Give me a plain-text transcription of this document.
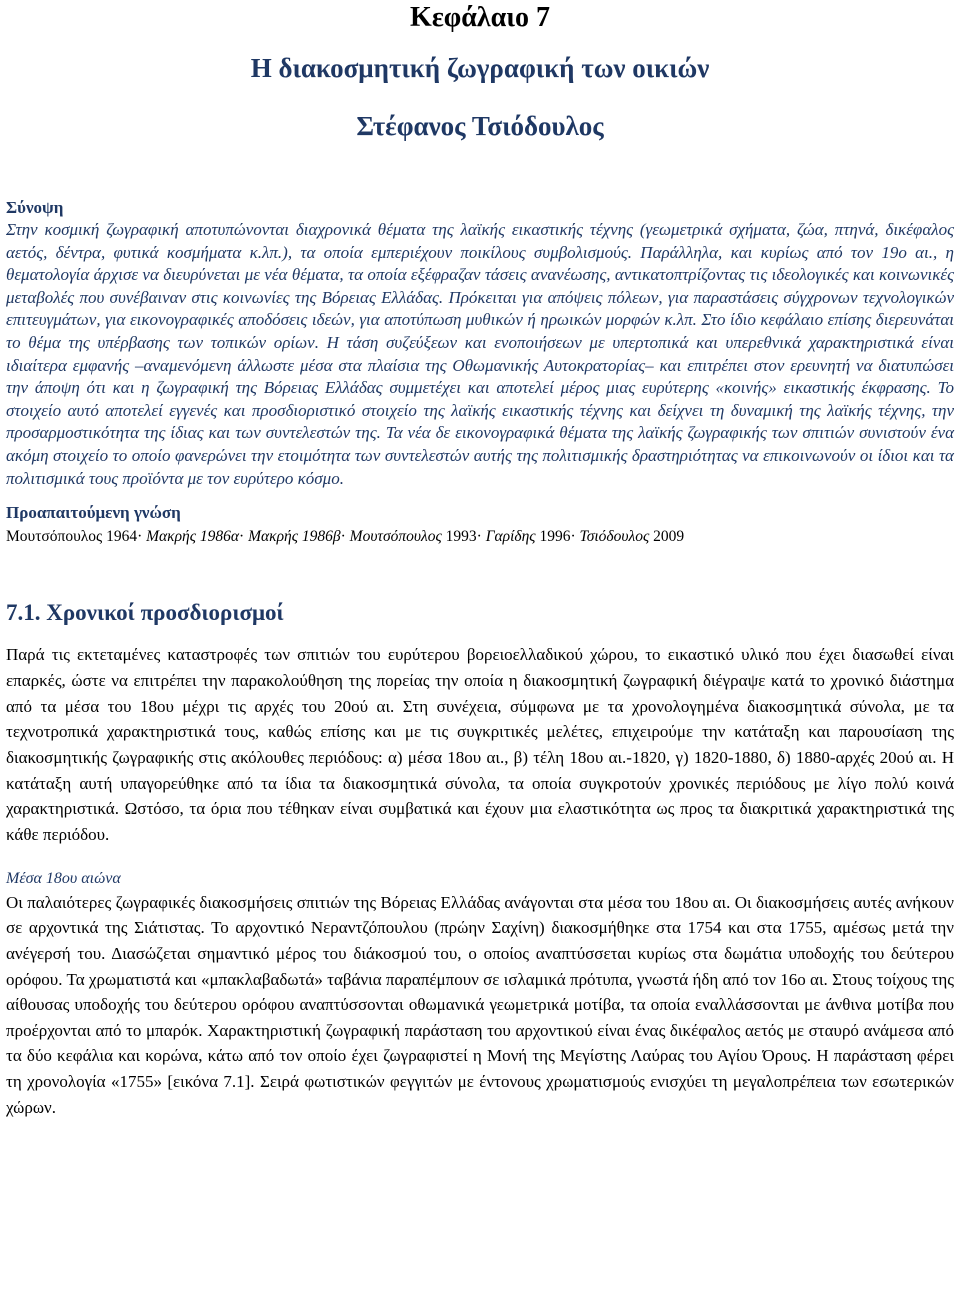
Κεφάλαιο 7
Η διακοσμητική ζωγραφική των οικιών
Στέφανος Τσιόδουλος
Σύνοψη

Στην κοσμική ζωγραφική αποτυπώνονται διαχρονικά θέματα της λαϊκής εικαστικής τέχνης (γεωμετρικά σχήματα, ζώα, πτηνά, δικέφαλος αετός, δέντρα, φυτικά κοσμήματα κ.λπ.), τα οποία εμπεριέχουν ποικίλους συμβολισμούς. Παράλληλα, και κυρίως από τον 19ο αι., η θεματολογία άρχισε να διευρύνεται με νέα θέματα, τα οποία εξέφραζαν τάσεις ανανέωσης, αντικατοπτρίζοντας τις ιδεολογικές και κοινωνικές μεταβολές που συνέβαιναν στις κοινωνίες της Βόρειας Ελλάδας. Πρόκειται για απόψεις πόλεων, για παραστάσεις σύγχρονων τεχνολογικών επιτευγμάτων, για εικονογραφικές αποδόσεις ιδεών, για αποτύπωση μυθικών ή ηρωικών μορφών κ.λπ. Στο ίδιο κεφάλαιο επίσης διερευνάται το θέμα της υπέρβασης των τοπικών ορίων. Η τάση συζεύξεων και ενοποιήσεων με υπερτοπικά και υπερεθνικά χαρακτηριστικά είναι ιδιαίτερα εμφανής –αναμενόμενη άλλωστε μέσα στα πλαίσια της Οθωμανικής Αυτοκρατορίας– και επιτρέπει στον ερευνητή να διατυπώσει την άποψη ότι και η ζωγραφική της Βόρειας Ελλάδας συμμετέχει και αποτελεί μέρος μιας ευρύτερης «κοινής» εικαστικής έκφρασης. Το στοιχείο αυτό αποτελεί εγγενές και προσδιοριστικό στοιχείο της λαϊκής εικαστικής τέχνης και δείχνει τη δυναμική της λαϊκής τέχνης, την προσαρμοστικότητα της ίδιας και των συντελεστών της. Τα νέα δε εικονογραφικά θέματα της λαϊκής ζωγραφικής των σπιτιών συνιστούν ένα ακόμη στοιχείο το οποίο φανερώνει την ετοιμότητα των συντελεστών αυτής της πολιτισμικής δραστηριότητας να επικοινωνούν οι ίδιοι και τα πολιτισμικά τους προϊόντα με τον ευρύτερο κόσμο.

Προαπαιτούμενη γνώση

Μουτσόπουλος 1964· Μακρής 1986α· Μακρής 1986β· Μουτσόπουλος 1993· Γαρίδης 1996· Τσιόδουλος 2009

7.1. Χρονικοί προσδιορισμοί

Παρά τις εκτεταμένες καταστροφές των σπιτιών του ευρύτερου βορειοελλαδικού χώρου, το εικαστικό υλικό που έχει διασωθεί είναι επαρκές, ώστε να επιτρέπει την παρακολούθηση της πορείας την οποία η διακοσμητική ζωγραφική διέγραψε κατά το χρονικό διάστημα από τα μέσα του 18ου μέχρι τις αρχές του 20ού αι. Στη συνέχεια, σύμφωνα με τα χρονολογημένα διακοσμητικά σύνολα, με τα τεχνοτροπικά χαρακτηριστικά τους, καθώς επίσης και με τις συγκριτικές μελέτες, επιχειρούμε την κατάταξη και παρουσίαση της διακοσμητικής ζωγραφικής στις ακόλουθες περιόδους: α) μέσα 18ου αι., β) τέλη 18ου αι.-1820, γ) 1820-1880, δ) 1880-αρχές 20ού αι. Η κατάταξη αυτή υπαγορεύθηκε από τα ίδια τα διακοσμητικά σύνολα, τα οποία συγκροτούν χρονικές περιόδους με λίγο πολύ κοινά χαρακτηριστικά. Ωστόσο, τα όρια που τέθηκαν είναι συμβατικά και έχουν μια ελαστικότητα ως προς τα διακριτικά χαρακτηριστικά της κάθε περιόδου.

Μέσα 18ου αιώνα

Οι παλαιότερες ζωγραφικές διακοσμήσεις σπιτιών της Βόρειας Ελλάδας ανάγονται στα μέσα του 18ου αι. Οι διακοσμήσεις αυτές ανήκουν σε αρχοντικά της Σιάτιστας. Το αρχοντικό Νεραντζόπουλου (πρώην Σαχίνη) διακοσμήθηκε στα 1754 και στα 1755, αμέσως μετά την ανέγερσή του. Διασώζεται σημαντικό μέρος του διάκοσμού του, ο οποίος αναπτύσσεται κυρίως στα δωμάτια υποδοχής του δεύτερου ορόφου. Τα χρωματιστά και «μπακλαβαδωτά» ταβάνια παραπέμπουν σε ισλαμικά πρότυπα, γνωστά ήδη από τον 16ο αι. Στους τοίχους της αίθουσας υποδοχής του δεύτερου ορόφου αναπτύσσονται οθωμανικά γεωμετρικά μοτίβα, τα οποία εναλλάσσονται με άνθινα μοτίβα που προέρχονται από το μπαρόκ. Χαρακτηριστική ζωγραφική παράσταση του αρχοντικού είναι ένας δικέφαλος αετός με σταυρό ανάμεσα από τα δύο κεφάλια και κορώνα, κάτω από τον οποίο έχει ζωγραφιστεί η Μονή της Μεγίστης Λαύρας του Αγίου Όρους. Η παράσταση φέρει τη χρονολογία «1755» [εικόνα 7.1]. Σειρά φωτιστικών φεγγιτών με έντονους χρωματισμούς ενισχύει τη μεγαλοπρέπεια των εσωτερικών χώρων.
